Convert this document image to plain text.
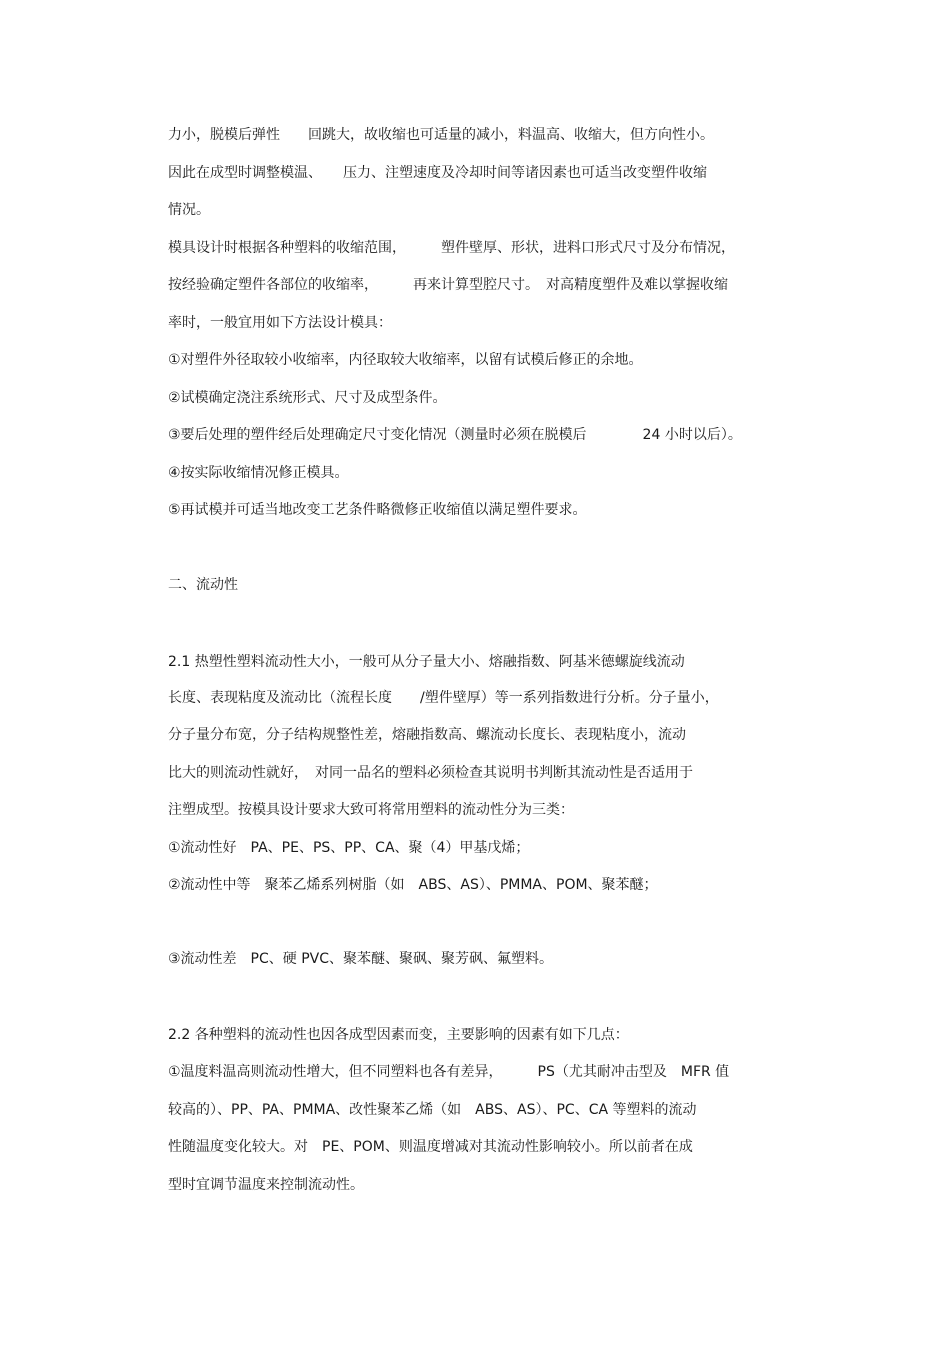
力小，脱模后弹性　　回跳大，故收缩也可适量的减小，料温高、收缩大，但方向性小。
因此在成型时调整模温、　　压力、注塑速度及冷却时间等诸因素也可适当改变塑件收缩
情况。
模具设计时根据各种塑料的收缩范围，　　　塑件壁厚、形状，进料口形式尺寸及分布情况，
按经验确定塑件各部位的收缩率，　　　再来计算型腔尺寸。　对高精度塑件及难以掌握收缩
率时，一般宜用如下方法设计模具：
①对塑件外径取较小收缩率，内径取较大收缩率，以留有试模后修正的余地。
②试模确定浇注系统形式、尺寸及成型条件。
③要后处理的塑件经后处理确定尺寸变化情况（测量时必须在脱模后　　　　24 小时以后）。
④按实际收缩情况修正模具。
⑤再试模并可适当地改变工艺条件略微修正收缩值以满足塑件要求。
二、流动性
2.1 热塑性塑料流动性大小，一般可从分子量大小、熔融指数、阿基米德螺旋线流动
长度、表现粘度及流动比（流程长度　　/塑件壁厚）等一系列指数进行分析。分子量小，
分子量分布宽，分子结构规整性差，熔融指数高、螺流动长度长、表现粘度小，流动
比大的则流动性就好，　对同一品名的塑料必须检查其说明书判断其流动性是否适用于
注塑成型。按模具设计要求大致可将常用塑料的流动性分为三类：
①流动性好　PA、PE、PS、PP、CA、聚（4）甲基戊烯；
②流动性中等　聚苯乙烯系列树脂（如　ABS、AS）、PMMA、POM、聚苯醚；
③流动性差　PC、硬 PVC、聚苯醚、聚砜、聚芳砜、氟塑料。
2.2 各种塑料的流动性也因各成型因素而变，主要影响的因素有如下几点：
①温度料温高则流动性增大，但不同塑料也各有差异，　　　PS（尤其耐冲击型及　MFR 值
较高的）、PP、PA、PMMA、改性聚苯乙烯（如　ABS、AS）、PC、CA 等塑料的流动
性随温度变化较大。对　PE、POM、则温度增减对其流动性影响较小。所以前者在成
型时宜调节温度来控制流动性。
